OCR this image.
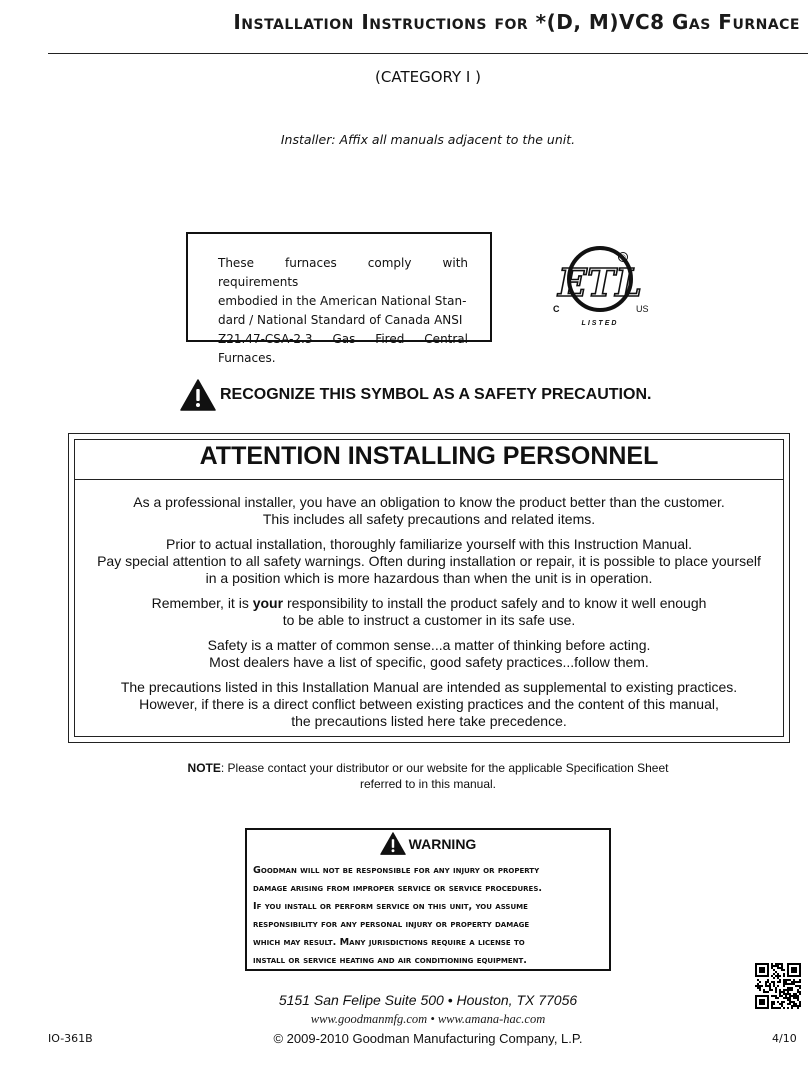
Installation Instructions for *(D, M)VC8 Gas Furnace
(CATEGORY I )
Installer: Affix all manuals adjacent to the unit.
These furnaces comply with requirements
embodied in the American National Stan-
dard / National Standard of Canada ANSI
Z21.47-CSA-2.3 Gas Fired Central Furnaces.
ETL
®
C	US
LISTED
RECOGNIZE THIS SYMBOL AS A SAFETY PRECAUTION.
ATTENTION INSTALLING PERSONNEL

As a professional installer, you have an obligation to know the product better than the customer.
This includes all safety precautions and related items.

Prior to actual installation, thoroughly familiarize yourself with this Instruction Manual.
Pay special attention to all safety warnings. Often during installation or repair, it is possible to place yourself
in a position which is more hazardous than when the unit is in operation.

Remember, it is your responsibility to install the product safely and to know it well enough
to be able to instruct a customer in its safe use.

Safety is a matter of common sense...a matter of thinking before acting.
Most dealers have a list of specific, good safety practices...follow them.

The precautions listed in this Installation Manual are intended as supplemental to existing practices.
However, if there is a direct conflict between existing practices and the content of this manual,
the precautions listed here take precedence.

NOTE: Please contact your distributor or our website for the applicable Specification Sheet
referred to in this manual.
WARNING
Goodman will not be responsible for any injury or property
damage arising from improper service or service procedures.
If you install or perform service on this unit, you assume
responsibility for any personal injury or property damage
which may result. Many jurisdictions require a license to
install or service heating and air conditioning equipment.
5151 San Felipe Suite 500 • Houston, TX 77056
www.goodmanmfg.com • www.amana-hac.com
IO-361B	© 2009-2010 Goodman Manufacturing Company, L.P.	4/10
